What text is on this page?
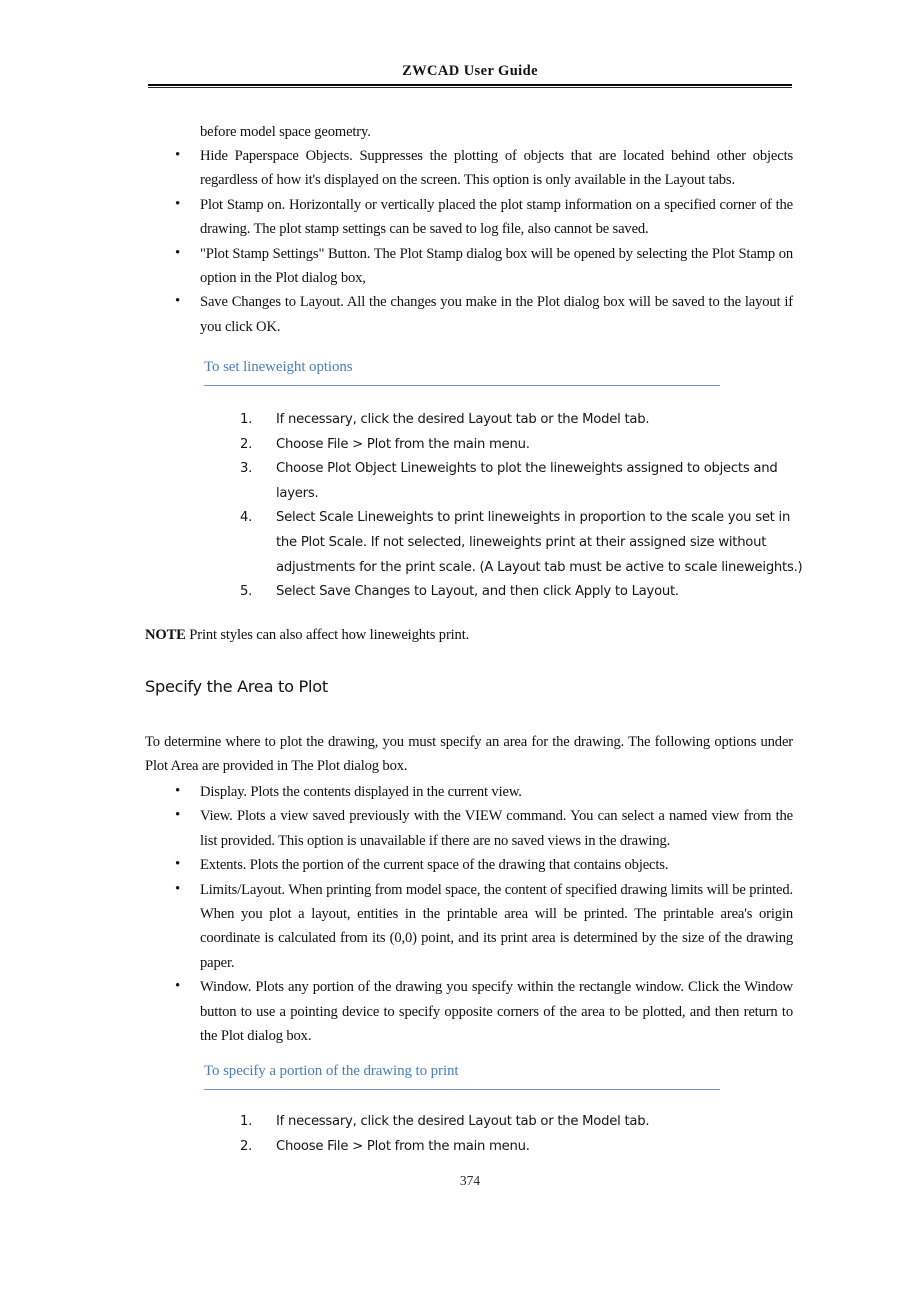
ZWCAD User Guide
before model space geometry.
• Hide Paperspace Objects. Suppresses the plotting of objects that are located behind other objects regardless of how it's displayed on the screen. This option is only available in the Layout tabs.
• Plot Stamp on. Horizontally or vertically placed the plot stamp information on a specified corner of the drawing. The plot stamp settings can be saved to log file, also cannot be saved.
• "Plot Stamp Settings" Button. The Plot Stamp dialog box will be opened by selecting the Plot Stamp on option in the Plot dialog box,
• Save Changes to Layout. All the changes you make in the Plot dialog box will be saved to the layout if you click OK.
To set lineweight options
1.	If necessary, click the desired Layout tab or the Model tab.
2.	Choose File > Plot from the main menu.
3.	Choose Plot Object Lineweights to plot the lineweights assigned to objects and layers.
4.	Select Scale Lineweights to print lineweights in proportion to the scale you set in the Plot Scale. If not selected, lineweights print at their assigned size without adjustments for the print scale. (A Layout tab must be active to scale lineweights.)
5.	Select Save Changes to Layout, and then click Apply to Layout.
NOTE Print styles can also affect how lineweights print.
Specify the Area to Plot
To determine where to plot the drawing, you must specify an area for the drawing. The following options under Plot Area are provided in The Plot dialog box.
• Display. Plots the contents displayed in the current view.
• View. Plots a view saved previously with the VIEW command. You can select a named view from the list provided. This option is unavailable if there are no saved views in the drawing.
• Extents. Plots the portion of the current space of the drawing that contains objects.
• Limits/Layout. When printing from model space, the content of specified drawing limits will be printed. When you plot a layout, entities in the printable area will be printed. The printable area's origin coordinate is calculated from its (0,0) point, and its print area is determined by the size of the drawing paper.
• Window. Plots any portion of the drawing you specify within the rectangle window. Click the Window button to use a pointing device to specify opposite corners of the area to be plotted, and then return to the Plot dialog box.
To specify a portion of the drawing to print
1.	If necessary, click the desired Layout tab or the Model tab.
2.	Choose File > Plot from the main menu.
374
